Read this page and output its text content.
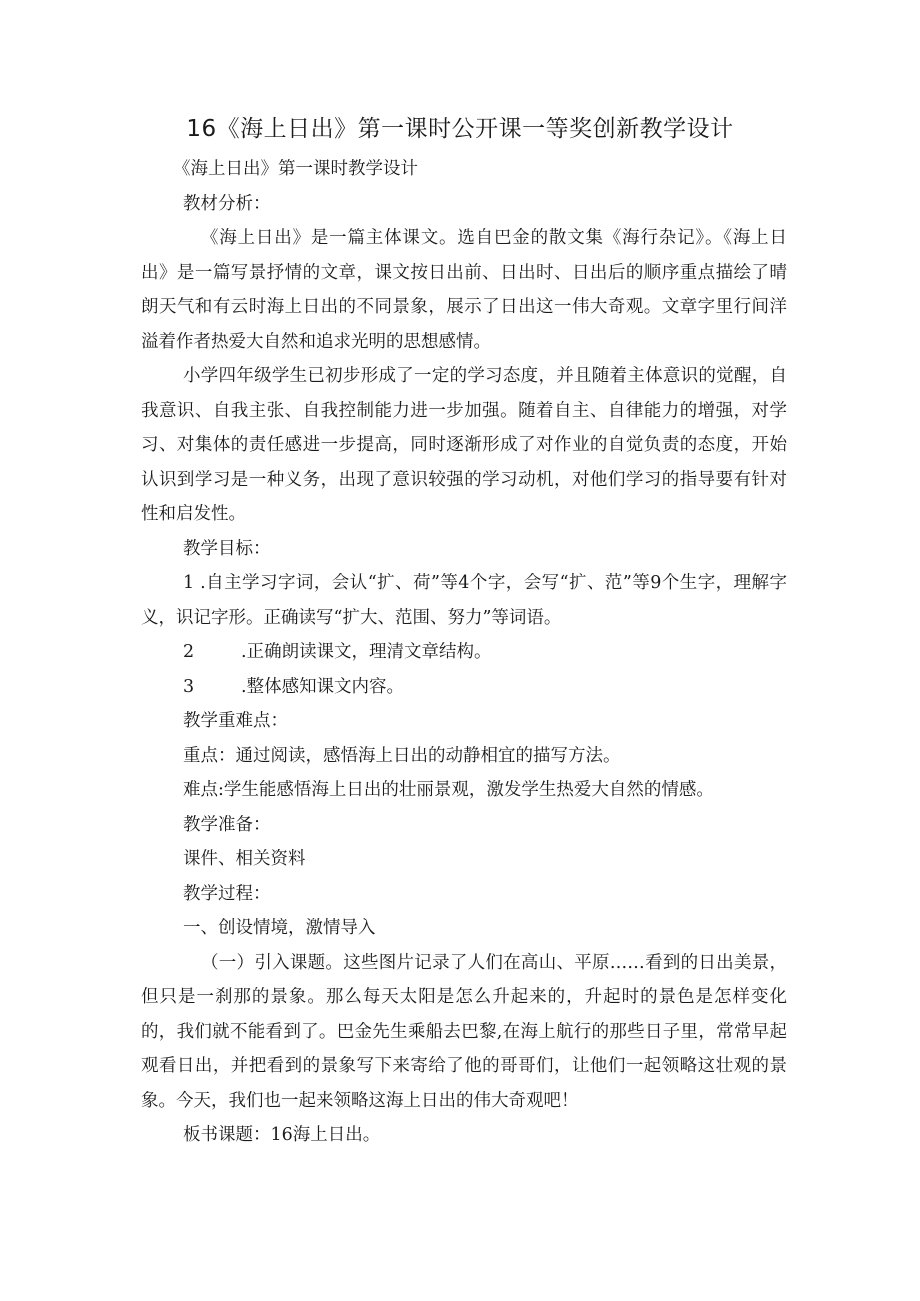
16《海上日出》第一课时公开课一等奖创新教学设计

《海上日出》第一课时教学设计

教材分析：

《海上日出》是一篇主体课文。选自巴金的散文集《海行杂记》。《海上日出》是一篇写景抒情的文章，课文按日出前、日出时、日出后的顺序重点描绘了晴朗天气和有云时海上日出的不同景象，展示了日出这一伟大奇观。文章字里行间洋溢着作者热爱大自然和追求光明的思想感情。

小学四年级学生已初步形成了一定的学习态度，并且随着主体意识的觉醒，自我意识、自我主张、自我控制能力进一步加强。随着自主、自律能力的增强，对学习、对集体的责任感进一步提高，同时逐渐形成了对作业的自觉负责的态度，开始认识到学习是一种义务，出现了意识较强的学习动机，对他们学习的指导要有针对性和启发性。

教学目标：

1 .自主学习字词，会认“扩、荷”等4个字，会写“扩、范”等9个生字，理解字义，识记字形。正确读写“扩大、范围、努力”等词语。

2	.正确朗读课文，理清文章结构。
3	.整体感知课文内容。

教学重难点：

重点：通过阅读，感悟海上日出的动静相宜的描写方法。

难点:学生能感悟海上日出的壮丽景观，激发学生热爱大自然的情感。

教学准备：

课件、相关资料

教学过程：

一、创设情境，激情导入

（一）引入课题。这些图片记录了人们在高山、平原……看到的日出美景，但只是一刹那的景象。那么每天太阳是怎么升起来的，升起时的景色是怎样变化的，我们就不能看到了。巴金先生乘船去巴黎,在海上航行的那些日子里，常常早起观看日出，并把看到的景象写下来寄给了他的哥哥们，让他们一起领略这壮观的景象。今天，我们也一起来领略这海上日出的伟大奇观吧！

板书课题：16海上日出。
